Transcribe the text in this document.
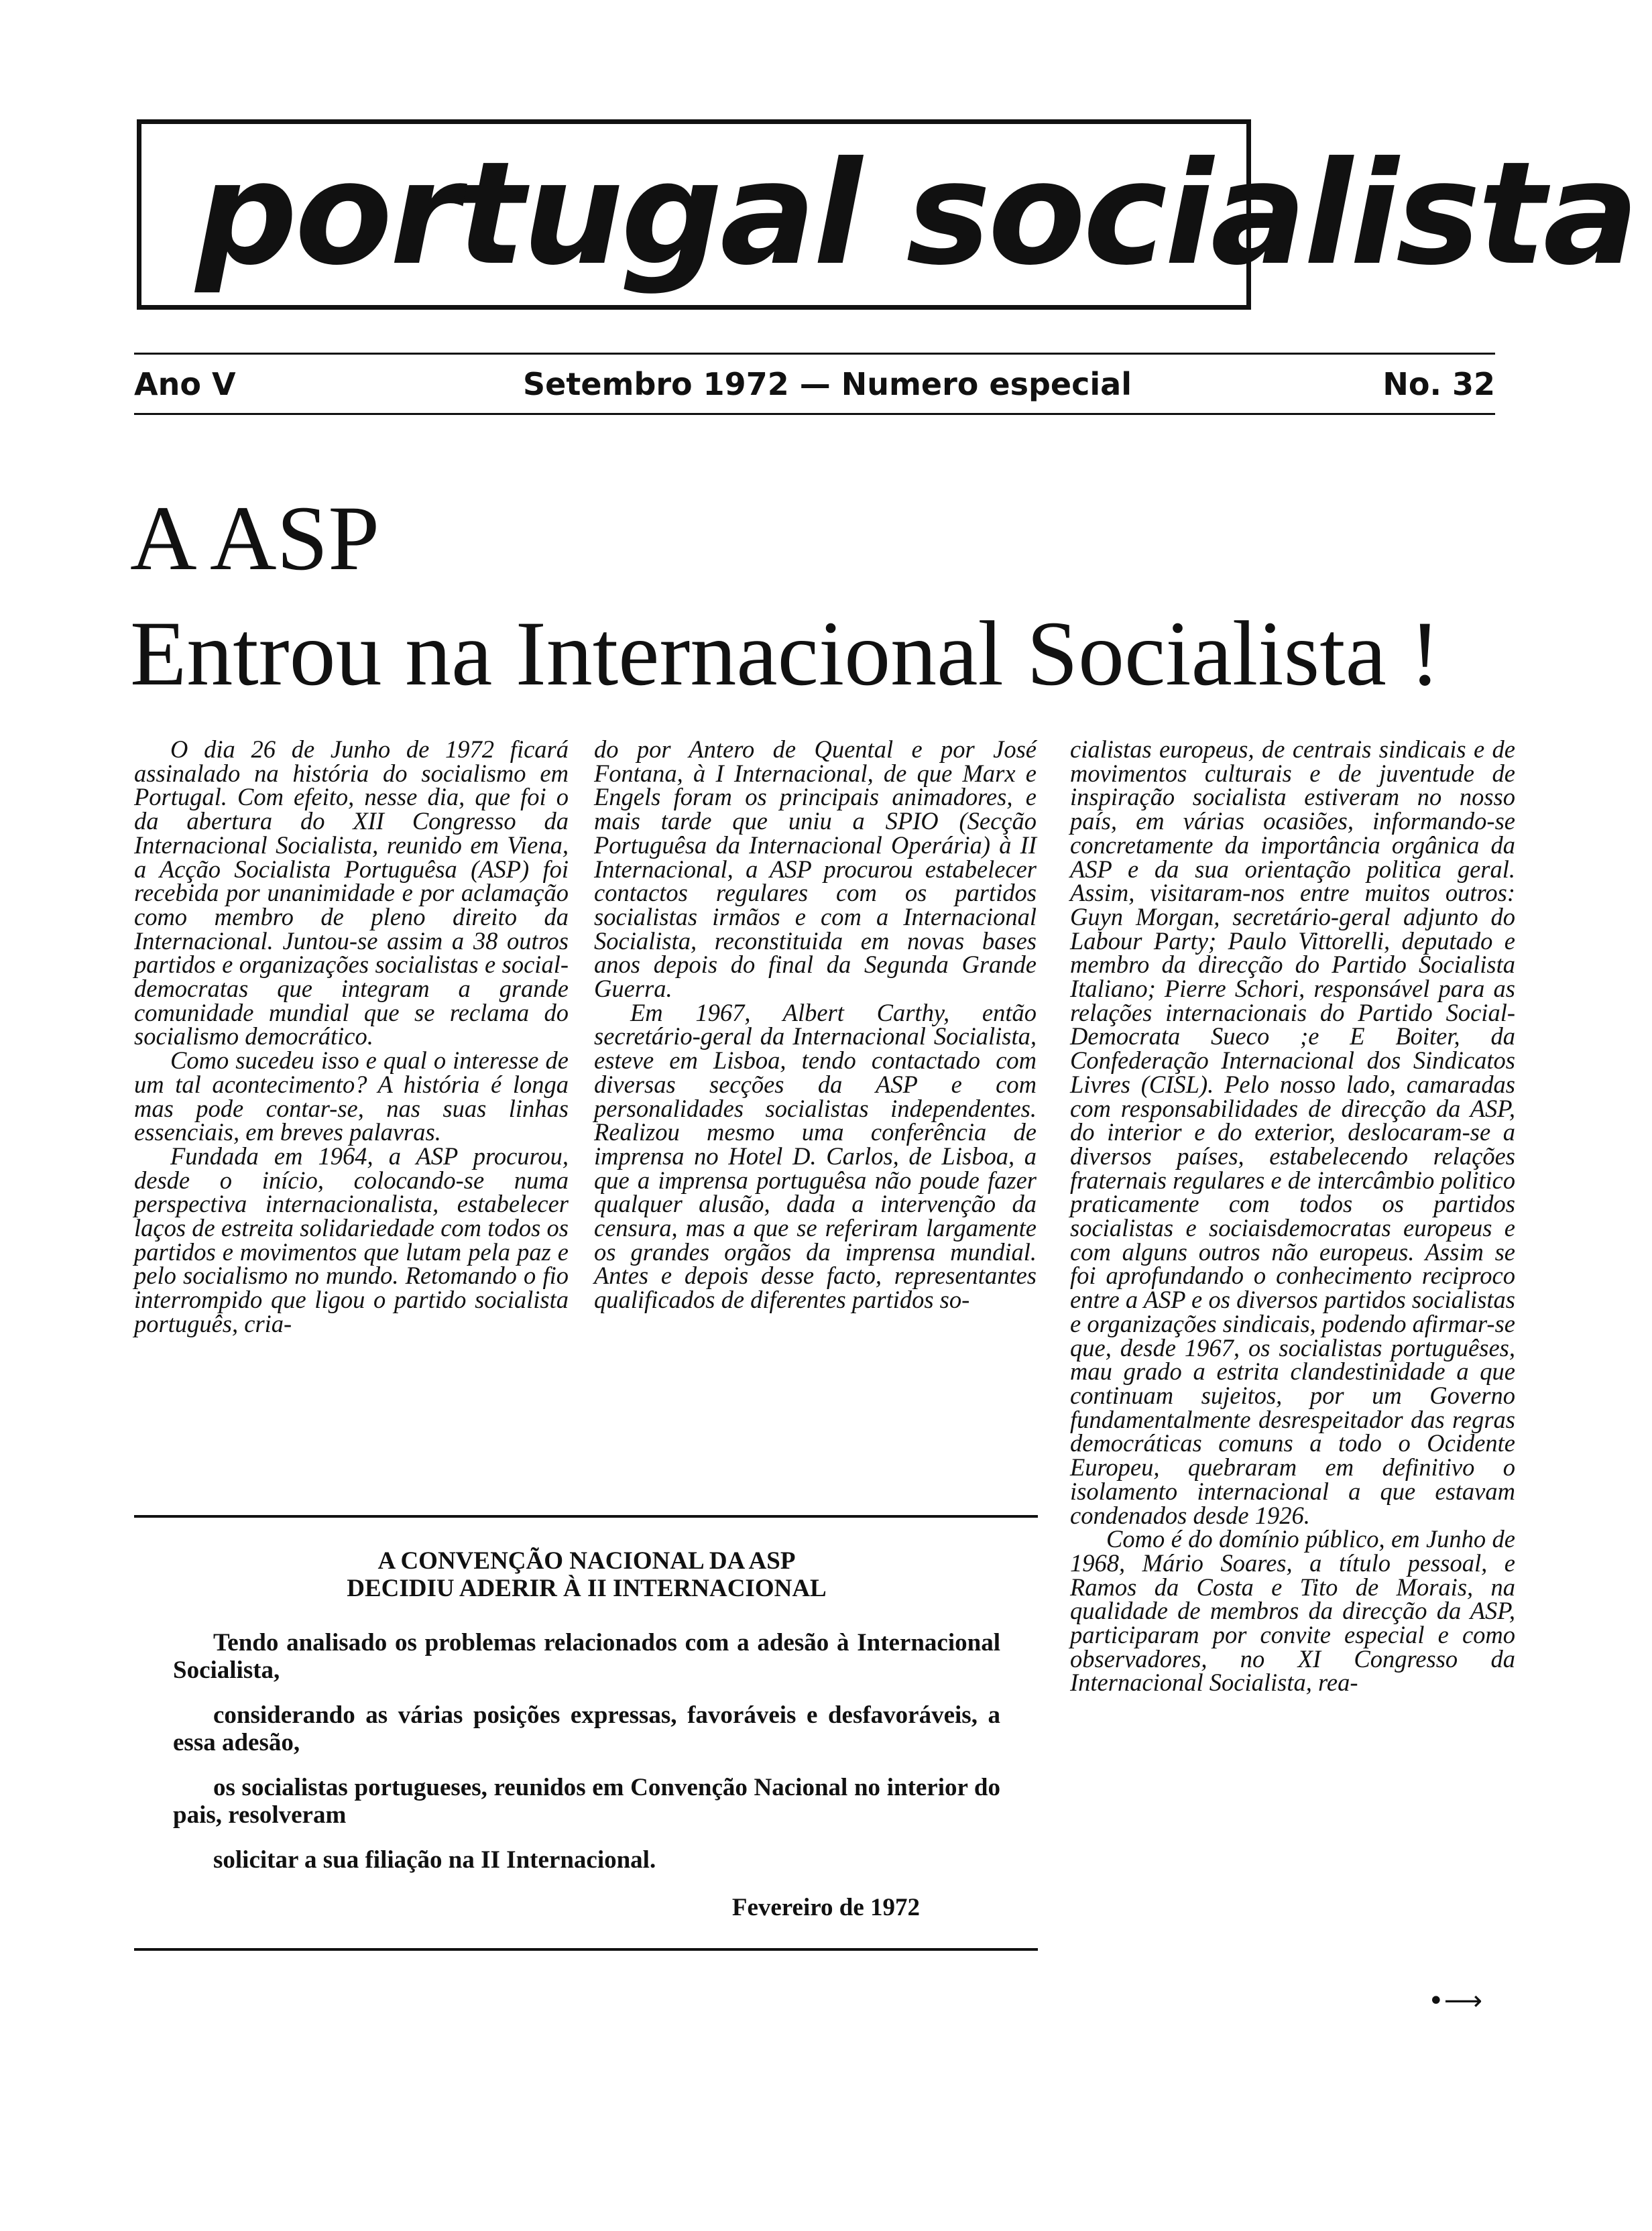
portugal socialista
Ano V	Setembro 1972 — Numero especial	No. 32
A ASP
Entrou na Internacional Socialista !

O dia 26 de Junho de 1972 ficará assinalado na história do socialismo em Portugal. Com efeito, nesse dia, que foi o da abertura do XII Congresso da Internacional Socialista, reunido em Viena, a Acção Socialista Portuguêsa (ASP) foi recebida por unanimidade e por aclamação como membro de pleno direito da Internacional. Juntou-se assim a 38 outros partidos e organizações socialistas e social-democratas que integram a grande comunidade mundial que se reclama do socialismo democrático.

Como sucedeu isso e qual o interesse de um tal acontecimento? A história é longa mas pode contar-se, nas suas linhas essenciais, em breves palavras.

Fundada em 1964, a ASP procurou, desde o início, colocando-se numa perspectiva internacionalista, estabelecer laços de estreita solidariedade com todos os partidos e movimentos que lutam pela paz e pelo socialismo no mundo. Retomando o fio interrompido que ligou o partido socialista português, cria-

do por Antero de Quental e por José Fontana, à I Internacional, de que Marx e Engels foram os principais animadores, e mais tarde que uniu a SPIO (Secção Portuguêsa da Internacional Operária) à II Internacional, a ASP procurou estabelecer contactos regulares com os partidos socialistas irmãos e com a Internacional Socialista, reconstituida em novas bases anos depois do final da Segunda Grande Guerra.

Em 1967, Albert Carthy, então secretário-geral da Internacional Socialista, esteve em Lisboa, tendo contactado com diversas secções da ASP e com personalidades socialistas independentes. Realizou mesmo uma conferência de imprensa no Hotel D. Carlos, de Lisboa, a que a imprensa portuguêsa não poude fazer qualquer alusão, dada a intervenção da censura, mas a que se referiram largamente os grandes orgãos da imprensa mundial. Antes e depois desse facto, representantes qualificados de diferentes partidos so-

cialistas europeus, de centrais sindicais e de movimentos culturais e de juventude de inspiração socialista estiveram no nosso país, em várias ocasiões, informando-se concretamente da importância orgânica da ASP e da sua orientação politica geral. Assim, visitaram-nos entre muitos outros: Guyn Morgan, secretário-geral adjunto do Labour Party; Paulo Vittorelli, deputado e membro da direcção do Partido Socialista Italiano; Pierre Schori, responsável para as relações internacionais do Partido Social-Democrata Sueco ;e E Boiter, da Confederação Internacional dos Sindicatos Livres (CISL). Pelo nosso lado, camaradas com responsabilidades de direcção da ASP, do interior e do exterior, deslocaram-se a diversos países, estabelecendo relações fraternais regulares e de intercâmbio politico praticamente com todos os partidos socialistas e sociaisdemocratas europeus e com alguns outros não europeus. Assim se foi aprofundando o conhecimento reciproco entre a ASP e os diversos partidos socialistas e organizações sindicais, podendo afirmar-se que, desde 1967, os socialistas portuguêses, mau grado a estrita clandestinidade a que continuam sujeitos, por um Governo fundamentalmente desrespeitador das regras democráticas comuns a todo o Ocidente Europeu, quebraram em definitivo o isolamento internacional a que estavam condenados desde 1926.

Como é do domínio público, em Junho de 1968, Mário Soares, a título pessoal, e Ramos da Costa e Tito de Morais, na qualidade de membros da direcção da ASP, participaram por convite especial e como observadores, no XI Congresso da Internacional Socialista, rea-

•⟶
A CONVENÇÃO NACIONAL DA ASP
DECIDIU ADERIR À II INTERNACIONAL

Tendo analisado os problemas relacionados com a adesão à Internacional Socialista,

considerando as várias posições expressas, favoráveis e desfavoráveis, a essa adesão,

os socialistas portugueses, reunidos em Convenção Nacional no interior do pais, resolveram

solicitar a sua filiação na II Internacional.

Fevereiro de 1972
